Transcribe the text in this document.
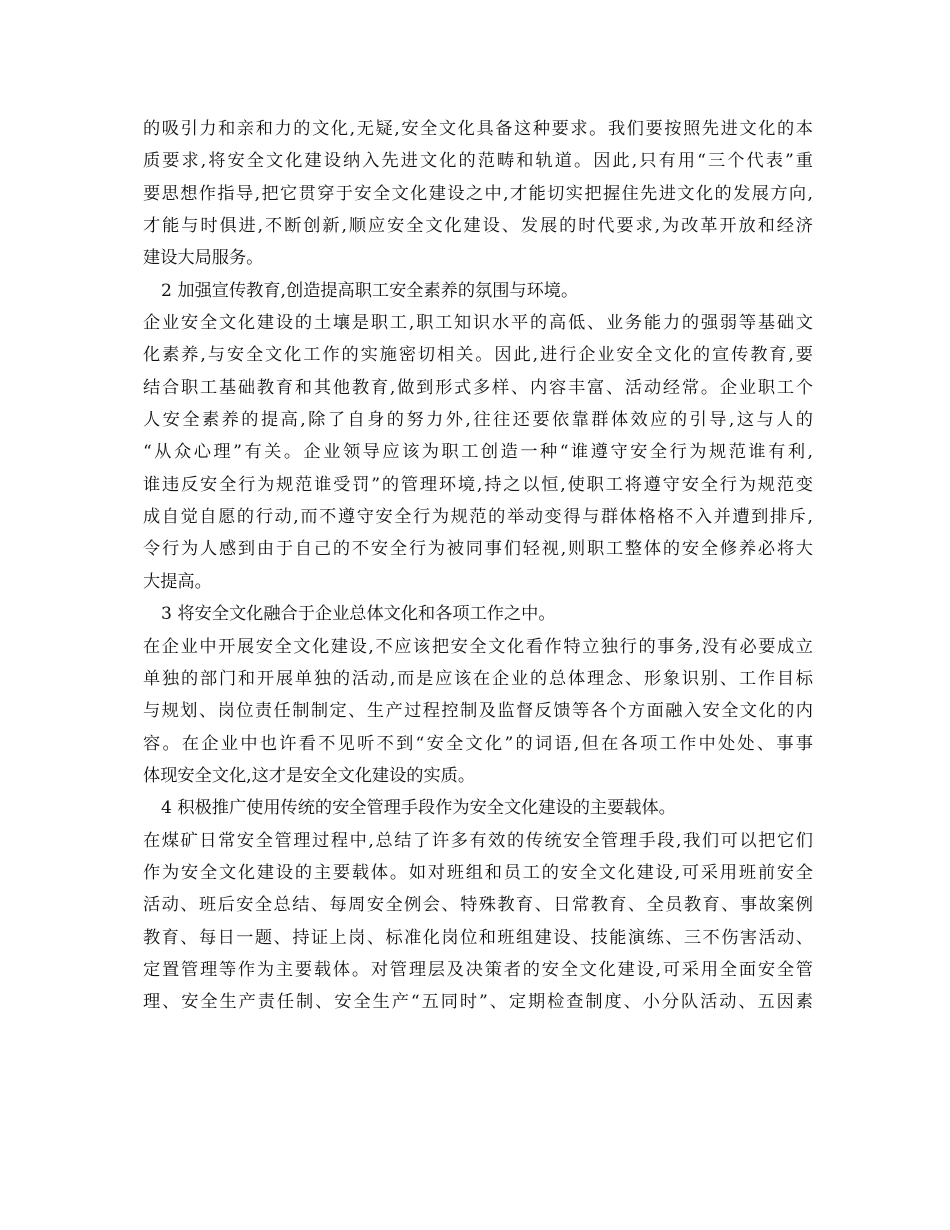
的吸引力和亲和力的文化,无疑,安全文化具备这种要求。我们要按照先进文化的本
质要求,将安全文化建设纳入先进文化的范畴和轨道。因此,只有用“三个代表”重
要思想作指导,把它贯穿于安全文化建设之中,才能切实把握住先进文化的发展方向,
才能与时俱进,不断创新,顺应安全文化建设、发展的时代要求,为改革开放和经济
建设大局服务。
2 加强宣传教育,创造提高职工安全素养的氛围与环境。
企业安全文化建设的土壤是职工,职工知识水平的高低、业务能力的强弱等基础文
化素养,与安全文化工作的实施密切相关。因此,进行企业安全文化的宣传教育,要
结合职工基础教育和其他教育,做到形式多样、内容丰富、活动经常。企业职工个
人安全素养的提高,除了自身的努力外,往往还要依靠群体效应的引导,这与人的
“从众心理”有关。企业领导应该为职工创造一种“谁遵守安全行为规范谁有利,
谁违反安全行为规范谁受罚”的管理环境,持之以恒,使职工将遵守安全行为规范变
成自觉自愿的行动,而不遵守安全行为规范的举动变得与群体格格不入并遭到排斥,
令行为人感到由于自己的不安全行为被同事们轻视,则职工整体的安全修养必将大
大提高。
3 将安全文化融合于企业总体文化和各项工作之中。
在企业中开展安全文化建设,不应该把安全文化看作特立独行的事务,没有必要成立
单独的部门和开展单独的活动,而是应该在企业的总体理念、形象识别、工作目标
与规划、岗位责任制制定、生产过程控制及监督反馈等各个方面融入安全文化的内
容。在企业中也许看不见听不到“安全文化”的词语,但在各项工作中处处、事事
体现安全文化,这才是安全文化建设的实质。
4 积极推广使用传统的安全管理手段作为安全文化建设的主要载体。
在煤矿日常安全管理过程中,总结了许多有效的传统安全管理手段,我们可以把它们
作为安全文化建设的主要载体。如对班组和员工的安全文化建设,可采用班前安全
活动、班后安全总结、每周安全例会、特殊教育、日常教育、全员教育、事故案例
教育、每日一题、持证上岗、标准化岗位和班组建设、技能演练、三不伤害活动、
定置管理等作为主要载体。对管理层及决策者的安全文化建设,可采用全面安全管
理、安全生产责任制、安全生产“五同时”、定期检查制度、小分队活动、五因素
